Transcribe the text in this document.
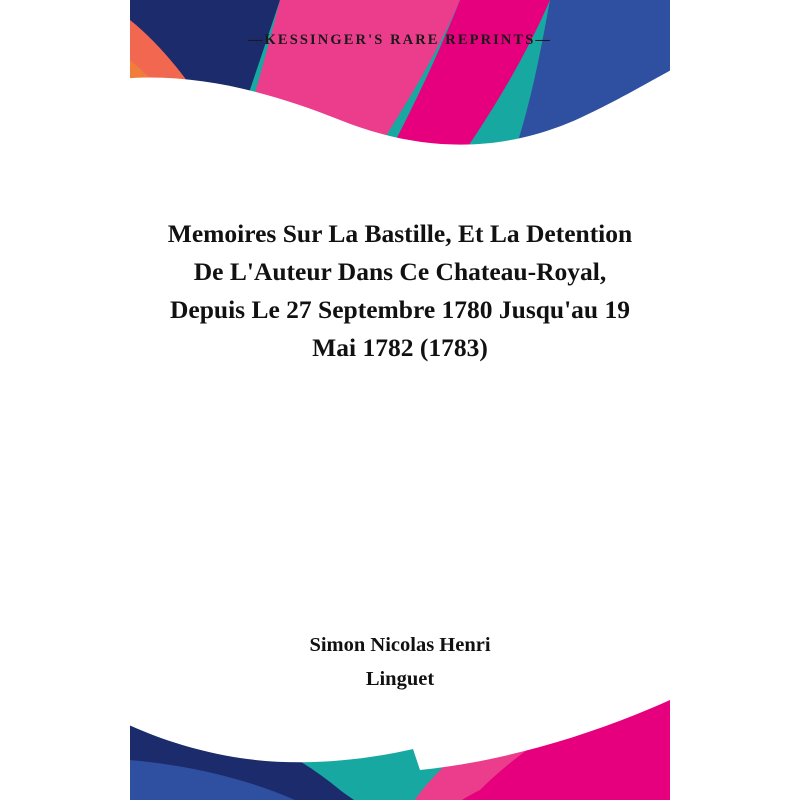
—KESSINGER'S RARE REPRINTS—
Memoires Sur La Bastille, Et La Detention De L'Auteur Dans Ce Chateau-Royal, Depuis Le 27 Septembre 1780 Jusqu'au 19 Mai 1782 (1783)
Simon Nicolas Henri
Linguet
